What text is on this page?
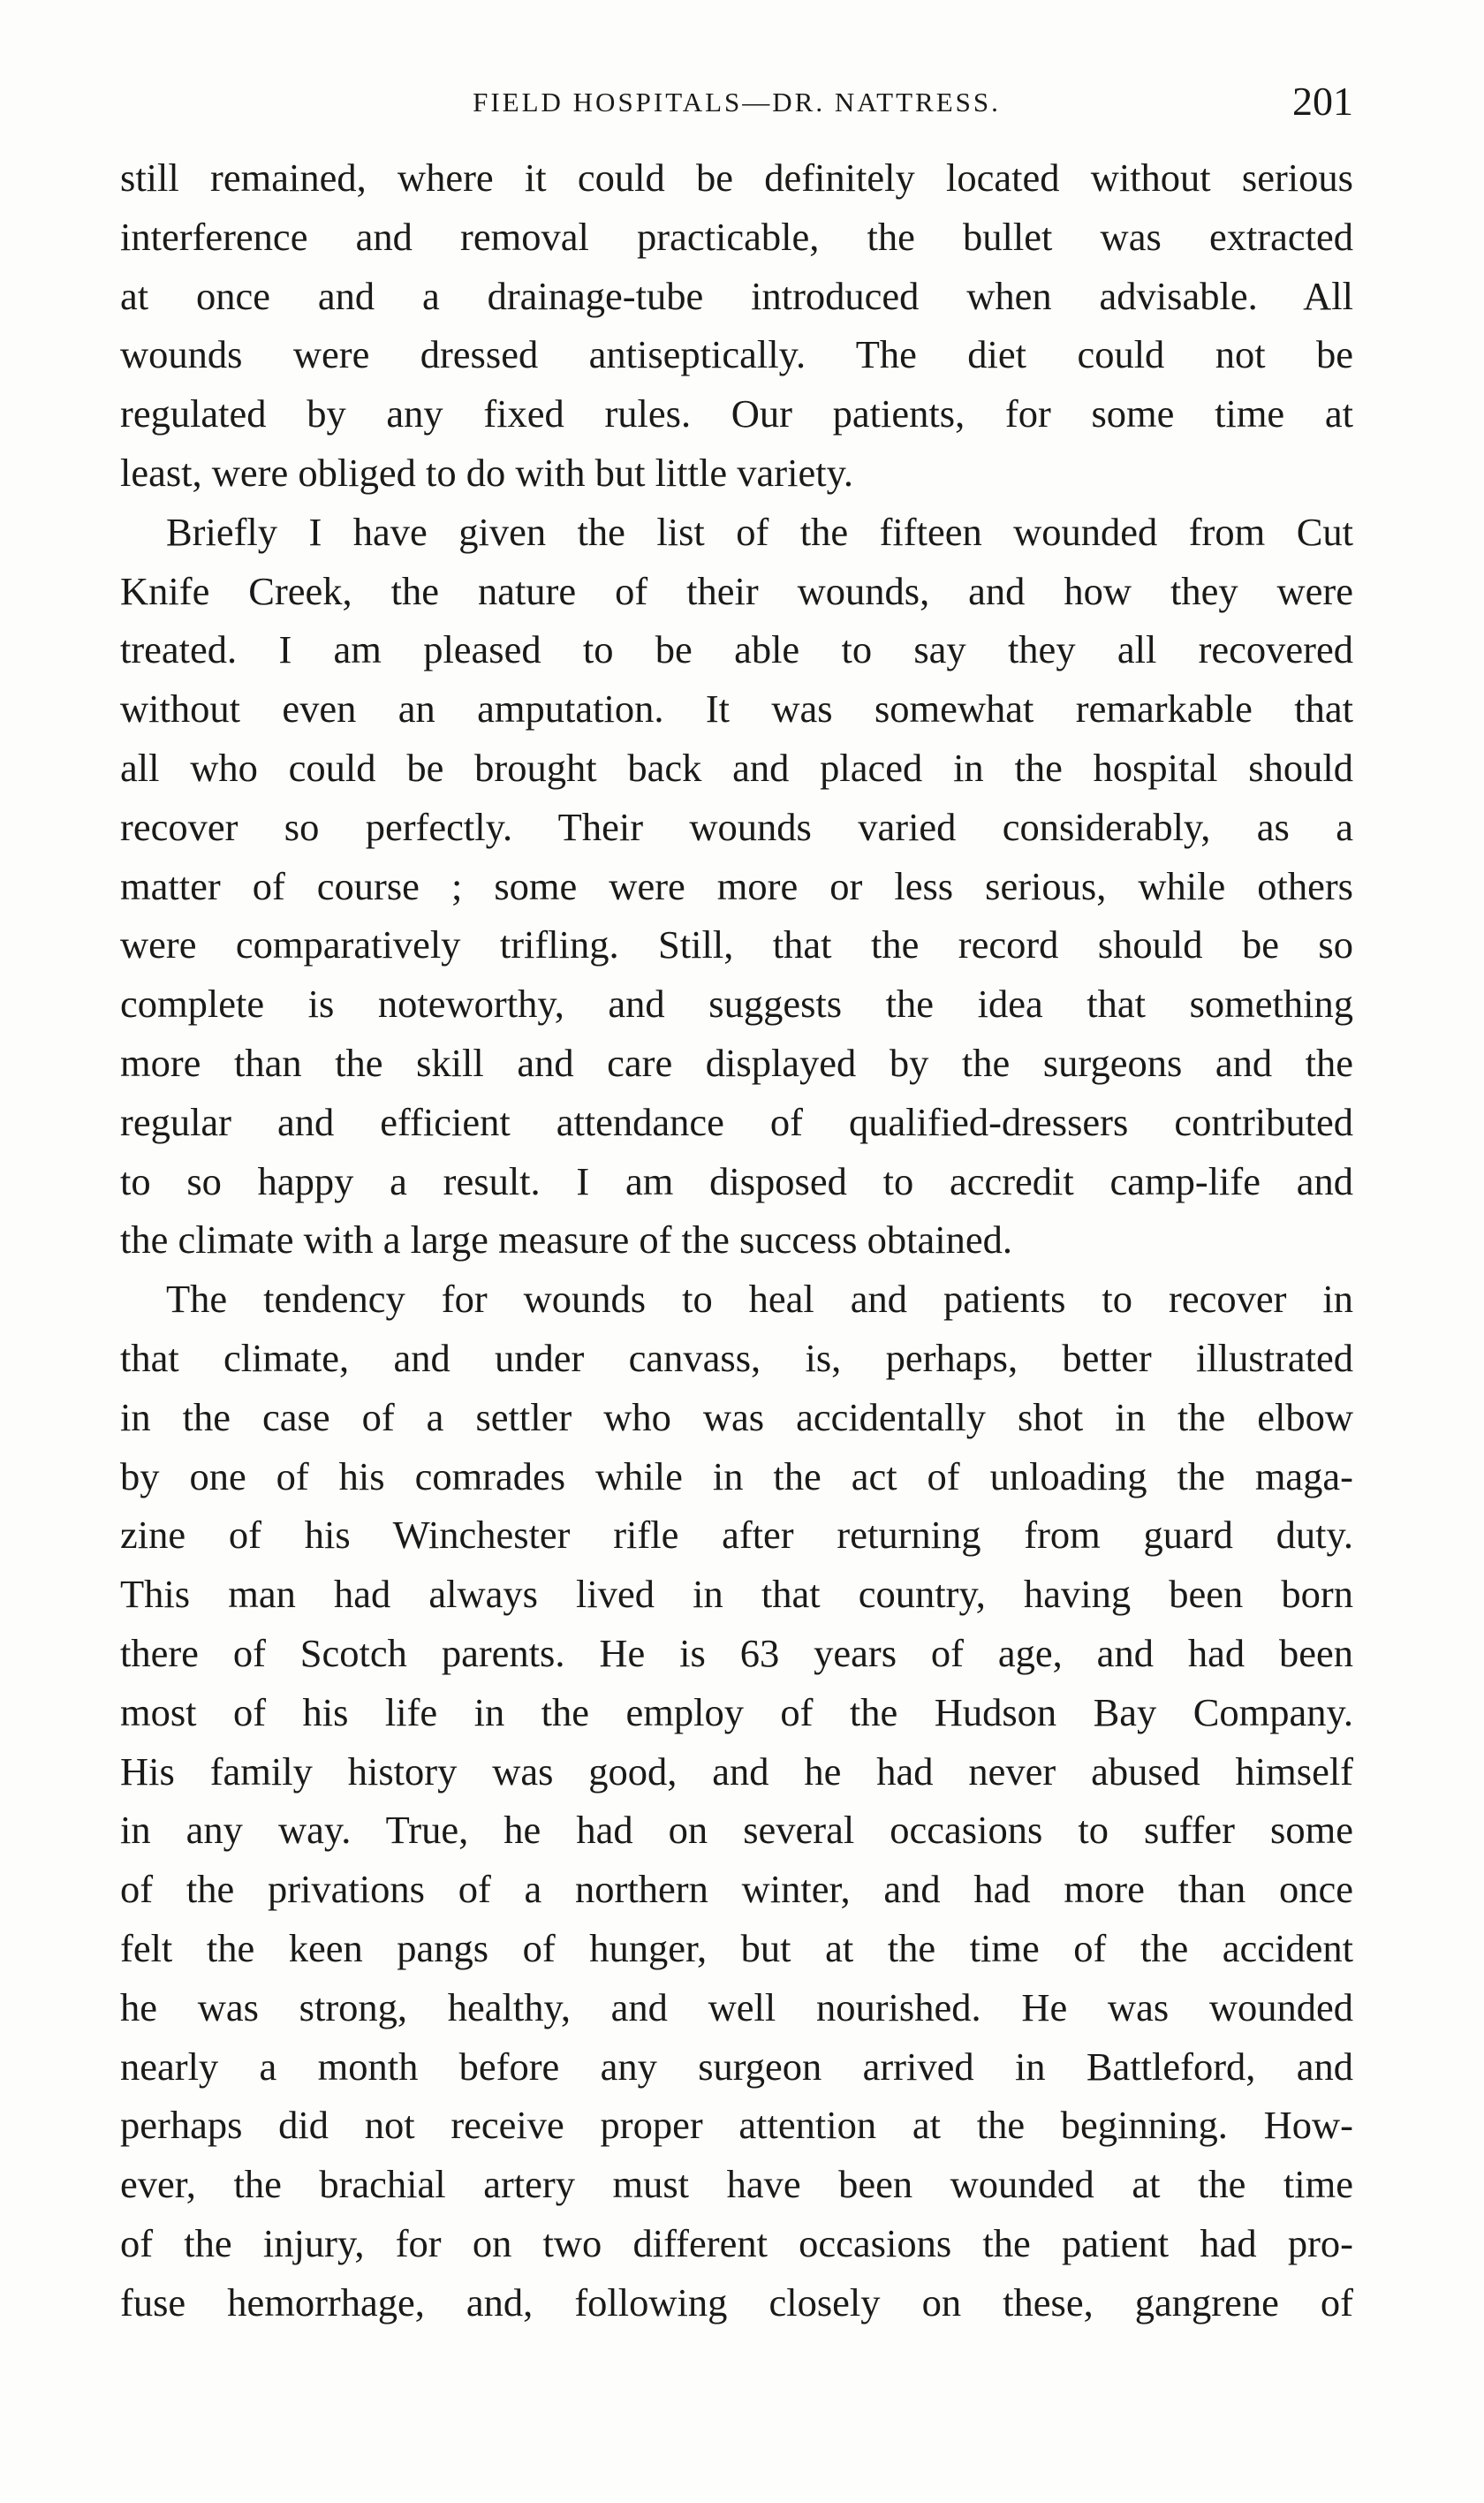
FIELD HOSPITALS—DR. NATTRESS.	201
still remained, where it could be definitely located without serious
interference and removal practicable, the bullet was extracted
at once and a drainage-tube introduced when advisable. All
wounds were dressed antiseptically. The diet could not be
regulated by any fixed rules. Our patients, for some time at
least, were obliged to do with but little variety.
Briefly I have given the list of the fifteen wounded from Cut
Knife Creek, the nature of their wounds, and how they were
treated. I am pleased to be able to say they all recovered
without even an amputation. It was somewhat remarkable that
all who could be brought back and placed in the hospital should
recover so perfectly. Their wounds varied considerably, as a
matter of course ; some were more or less serious, while others
were comparatively trifling. Still, that the record should be so
complete is noteworthy, and suggests the idea that something
more than the skill and care displayed by the surgeons and the
regular and efficient attendance of qualified-dressers contributed
to so happy a result. I am disposed to accredit camp-life and
the climate with a large measure of the success obtained.
The tendency for wounds to heal and patients to recover in
that climate, and under canvass, is, perhaps, better illustrated
in the case of a settler who was accidentally shot in the elbow
by one of his comrades while in the act of unloading the maga-
zine of his Winchester rifle after returning from guard duty.
This man had always lived in that country, having been born
there of Scotch parents. He is 63 years of age, and had been
most of his life in the employ of the Hudson Bay Company.
His family history was good, and he had never abused himself
in any way. True, he had on several occasions to suffer some
of the privations of a northern winter, and had more than once
felt the keen pangs of hunger, but at the time of the accident
he was strong, healthy, and well nourished. He was wounded
nearly a month before any surgeon arrived in Battleford, and
perhaps did not receive proper attention at the beginning. How-
ever, the brachial artery must have been wounded at the time
of the injury, for on two different occasions the patient had pro-
fuse hemorrhage, and, following closely on these, gangrene of
